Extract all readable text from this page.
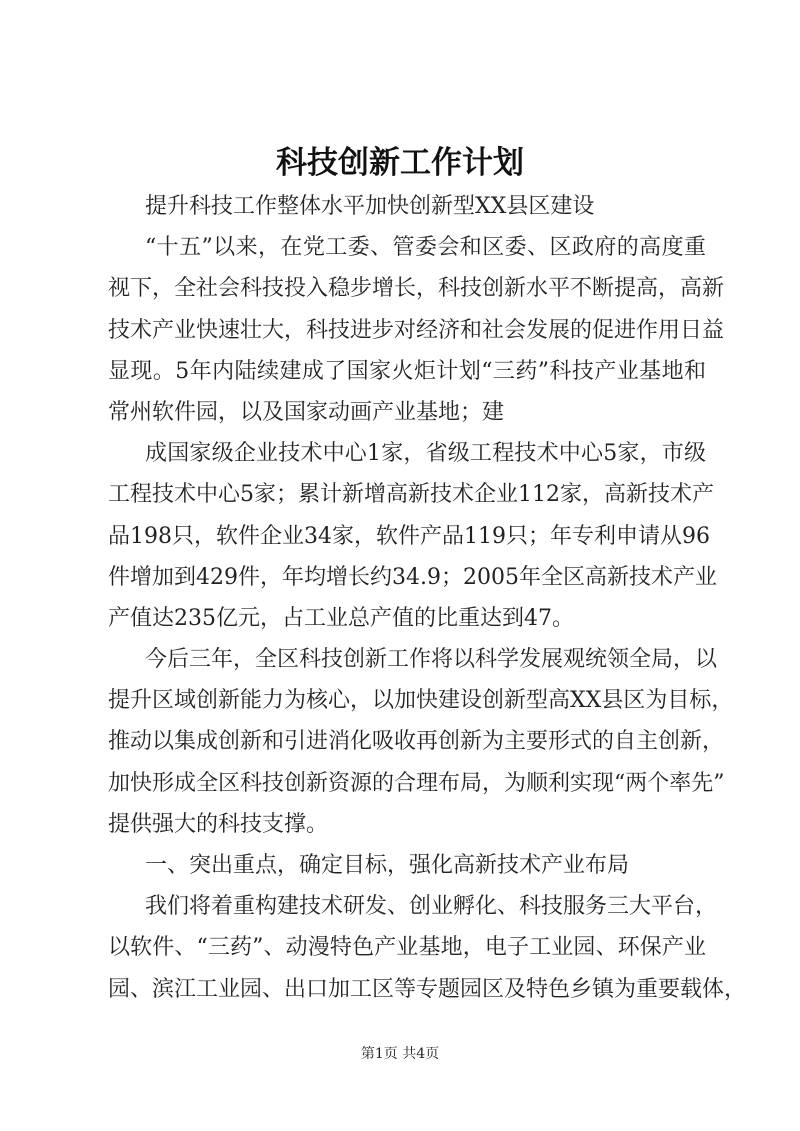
科技创新工作计划
提升科技工作整体水平加快创新型XX县区建设
“十五”以来，在党工委、管委会和区委、区政府的高度重
视下，全社会科技投入稳步增长，科技创新水平不断提高，高新
技术产业快速壮大，科技进步对经济和社会发展的促进作用日益
显现。5年内陆续建成了国家火炬计划“三药”科技产业基地和
常州软件园，以及国家动画产业基地；建
成国家级企业技术中心1家，省级工程技术中心5家，市级
工程技术中心5家；累计新增高新技术企业112家，高新技术产
品198只，软件企业34家，软件产品119只；年专利申请从96
件增加到429件，年均增长约34.9；2005年全区高新技术产业
产值达235亿元，占工业总产值的比重达到47。
今后三年，全区科技创新工作将以科学发展观统领全局，以
提升区域创新能力为核心，以加快建设创新型高XX县区为目标，
推动以集成创新和引进消化吸收再创新为主要形式的自主创新，
加快形成全区科技创新资源的合理布局，为顺利实现“两个率先”
提供强大的科技支撑。
一、突出重点，确定目标，强化高新技术产业布局
我们将着重构建技术研发、创业孵化、科技服务三大平台，
以软件、“三药”、动漫特色产业基地，电子工业园、环保产业
园、滨江工业园、出口加工区等专题园区及特色乡镇为重要载体，
第1页 共4页
